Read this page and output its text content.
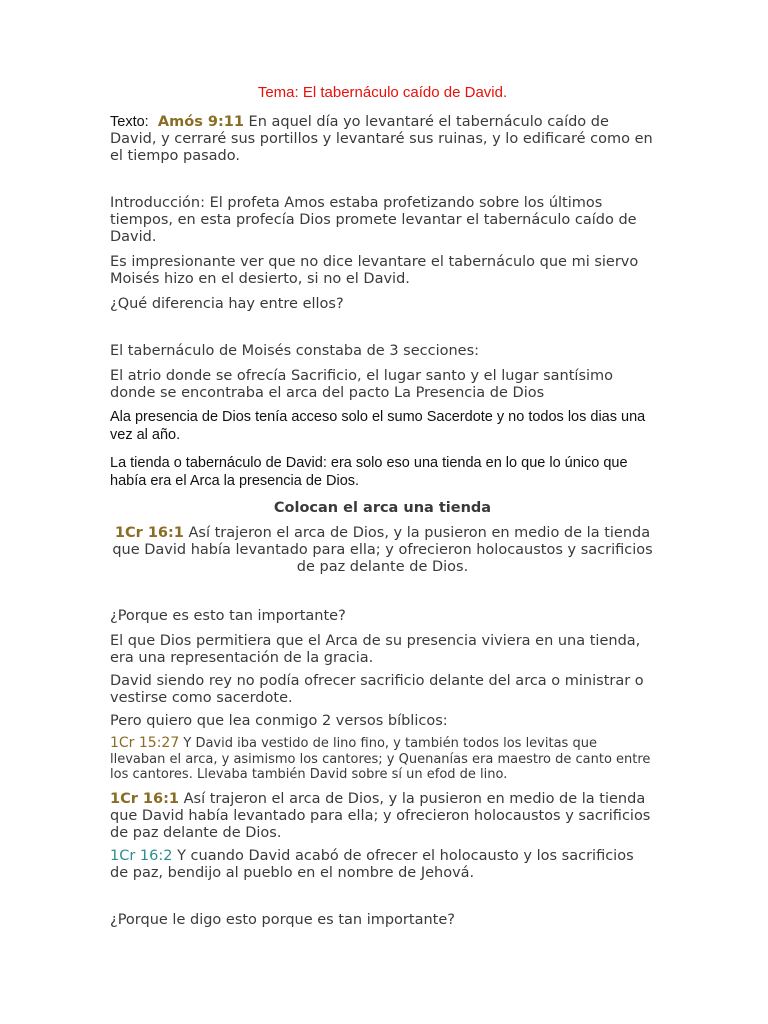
Tema: El tabernáculo caído de David.

Texto: Amós 9:11 En aquel día yo levantaré el tabernáculo caído de David, y cerraré sus portillos y levantaré sus ruinas, y lo edificaré como en el tiempo pasado.

Introducción: El profeta Amos estaba profetizando sobre los últimos tiempos, en esta profecía Dios promete levantar el tabernáculo caído de David.

Es impresionante ver que no dice levantare el tabernáculo que mi siervo Moisés hizo en el desierto, si no el David.

¿Qué diferencia hay entre ellos?

El tabernáculo de Moisés constaba de 3 secciones:

El atrio donde se ofrecía Sacrificio, el lugar santo y el lugar santísimo donde se encontraba el arca del pacto La Presencia de Dios

Ala presencia de Dios tenía acceso solo el sumo Sacerdote y no todos los dias una vez al año.

La tienda o tabernáculo de David: era solo eso una tienda en lo que lo único que había era el Arca la presencia de Dios.

Colocan el arca una tienda

1Cr 16:1 Así trajeron el arca de Dios, y la pusieron en medio de la tienda que David había levantado para ella; y ofrecieron holocaustos y sacrificios de paz delante de Dios.

¿Porque es esto tan importante?

El que Dios permitiera que el Arca de su presencia viviera en una tienda, era una representación de la gracia.

David siendo rey no podía ofrecer sacrificio delante del arca o ministrar o vestirse como sacerdote.

Pero quiero que lea conmigo 2 versos bíblicos:

1Cr 15:27 Y David iba vestido de lino fino, y también todos los levitas que llevaban el arca, y asimismo los cantores; y Quenanías era maestro de canto entre los cantores. Llevaba también David sobre sí un efod de lino.

1Cr 16:1 Así trajeron el arca de Dios, y la pusieron en medio de la tienda que David había levantado para ella; y ofrecieron holocaustos y sacrificios de paz delante de Dios.

1Cr 16:2 Y cuando David acabó de ofrecer el holocausto y los sacrificios de paz, bendijo al pueblo en el nombre de Jehová.

¿Porque le digo esto porque es tan importante?
